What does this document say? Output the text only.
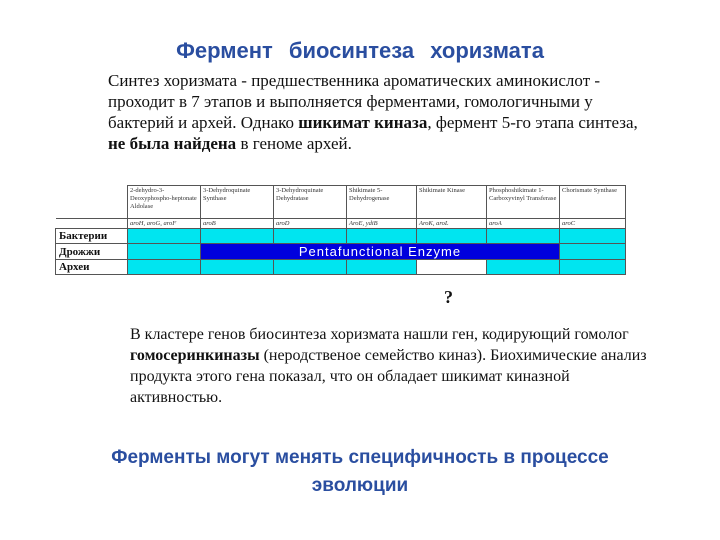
Фермент биосинтеза хоризмата
Синтез хоризмата - предшественника ароматических аминокислот - проходит в 7 этапов и выполняется ферментами, гомологичными у бактерий и архей. Однако шикимат киназа, фермент 5-го этапа синтеза, не была найдена в геноме архей.
	2-dehydro-3-Deoxyphospho-heptonate Aldolase	3-Dehydroquinate Synthase	3-Dehydroquinate Dehydratase	Shikimate 5-Dehydrogenase	Shikimate Kinase	Phosphoshikimate 1-Carboxyvinyl Transferase	Chorismate Synthase
	aroH, aroG, aroF	aroB	aroD	AroE, ydiB	AroK, aroL	aroA	aroC
Бактерии							
Дрожжи		Pentafunctional Enzyme					
Археи							
?
В кластере генов биосинтеза хоризмата нашли ген, кодирующий гомолог гомосеринкиназы (неродственое семейство киназ). Биохимические анализ продукта этого гена показал, что он обладает шикимат киназной активностью.
Ферменты могут менять специфичность в процессе
эволюции
